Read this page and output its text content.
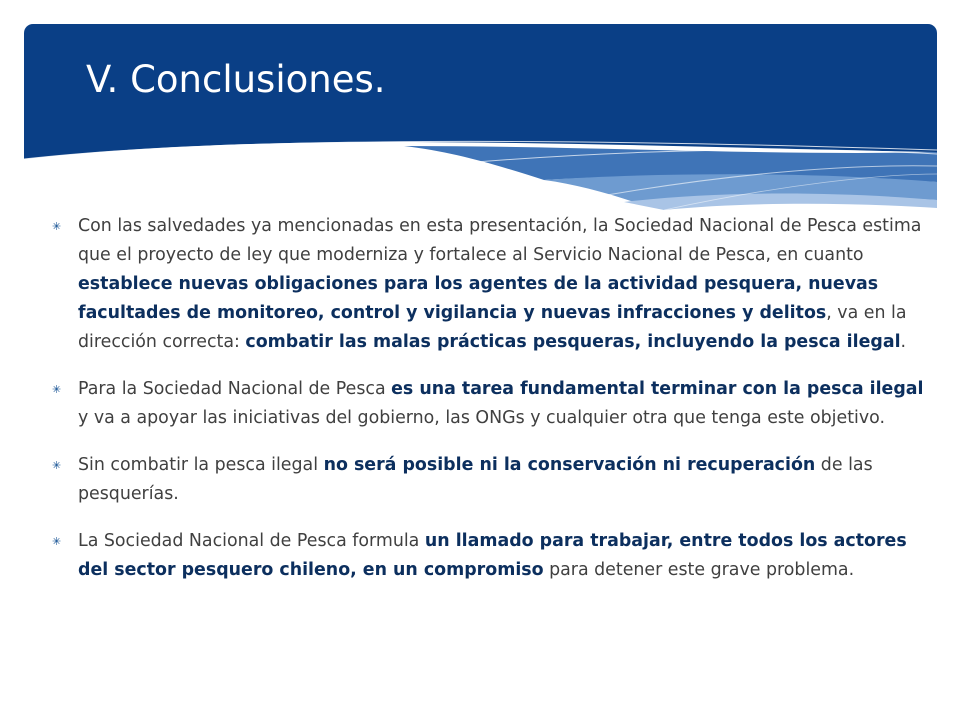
V. Conclusiones.
✳ Con las salvedades ya mencionadas en esta presentación, la Sociedad Nacional de Pesca estima que el proyecto de ley que moderniza y fortalece al Servicio Nacional de Pesca, en cuanto establece nuevas obligaciones para los agentes de la actividad pesquera, nuevas facultades de monitoreo, control y vigilancia y nuevas infracciones y delitos, va en la dirección correcta: combatir las malas prácticas pesqueras, incluyendo la pesca ilegal.
✳ Para la Sociedad Nacional de Pesca es una tarea fundamental terminar con la pesca ilegal y va a apoyar las iniciativas del gobierno, las ONGs y cualquier otra que tenga este objetivo.
✳ Sin combatir la pesca ilegal no será posible ni la conservación ni recuperación de las pesquerías.
✳ La Sociedad Nacional de Pesca formula un llamado para trabajar, entre todos los actores del sector pesquero chileno, en un compromiso para detener este grave problema.
